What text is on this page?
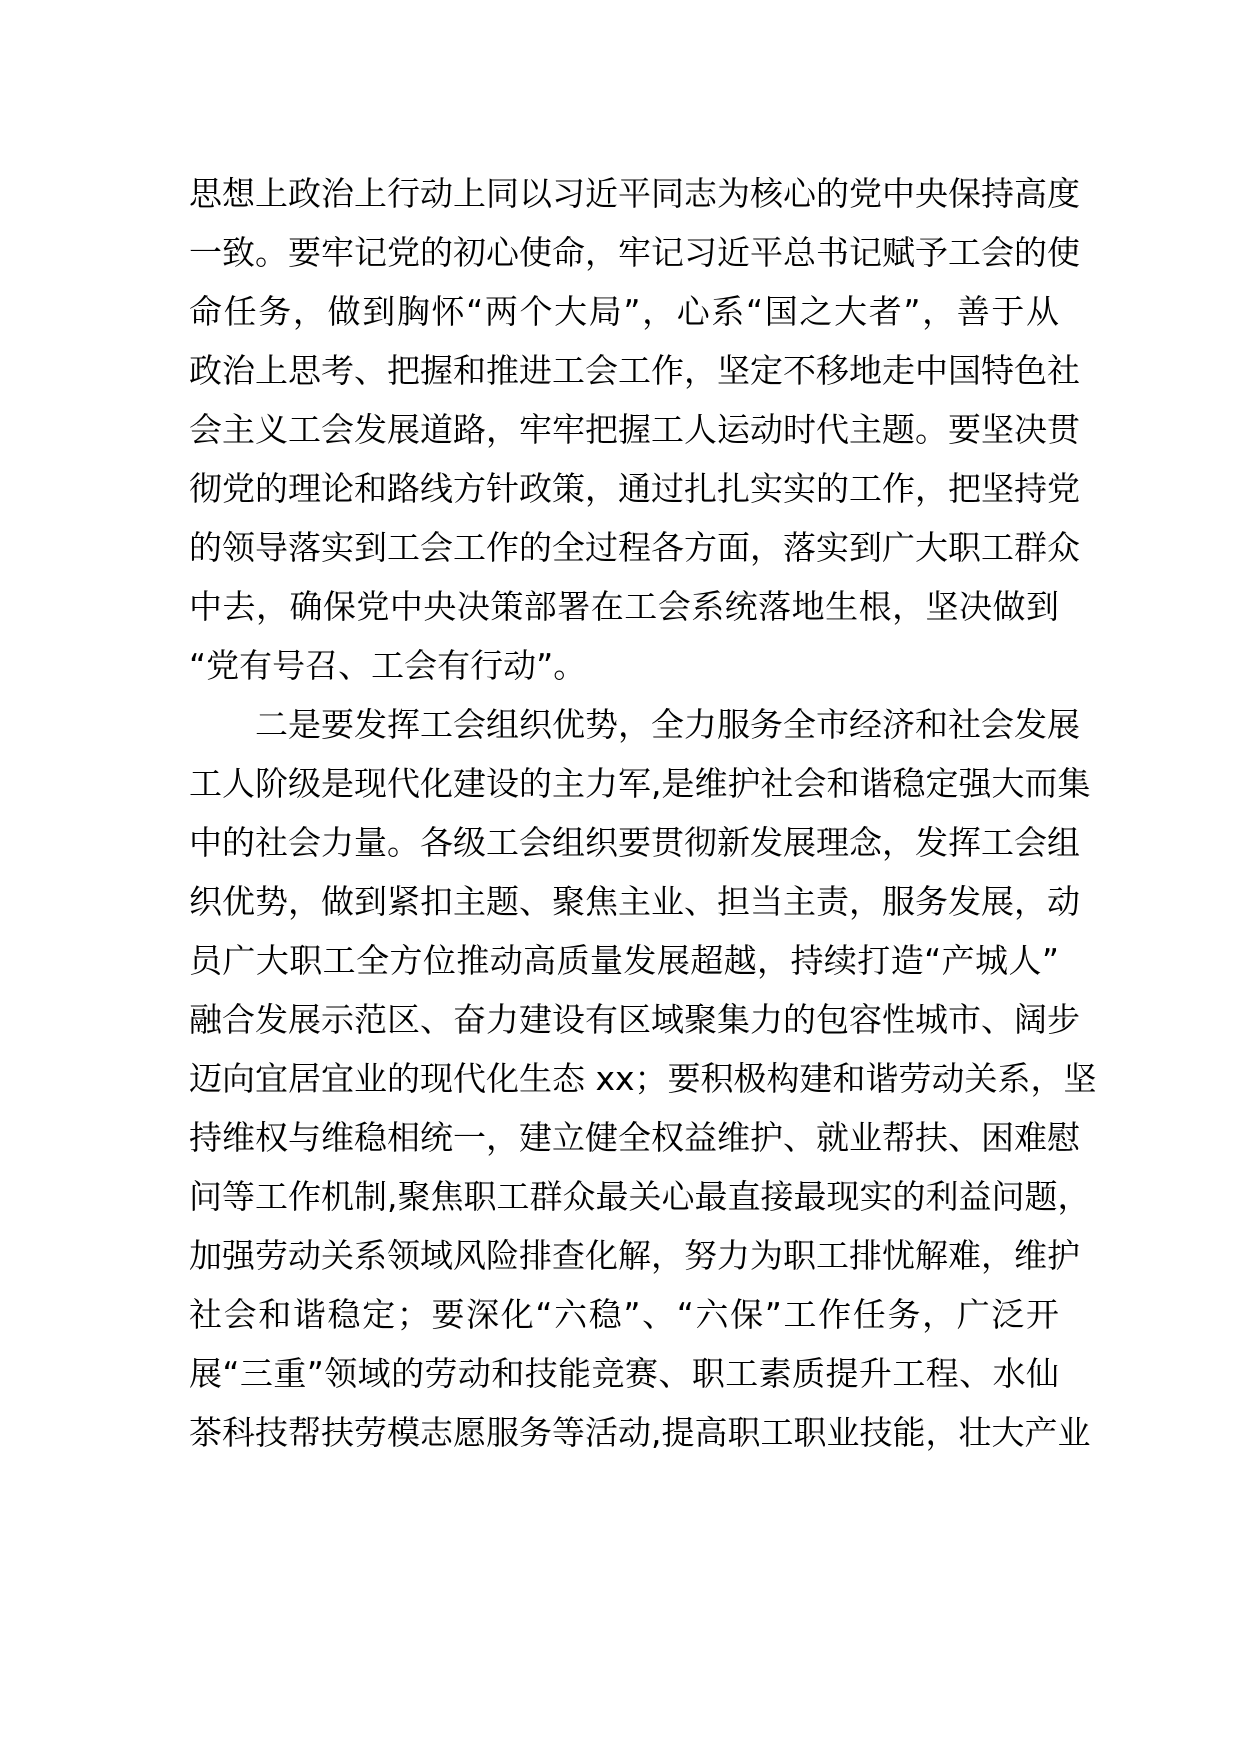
思想上政治上行动上同以习近平同志为核心的党中央保持高度
一致。要牢记党的初心使命，牢记习近平总书记赋予工会的使
命任务，做到胸怀“两个大局”，心系“国之大者”，善于从
政治上思考、把握和推进工会工作，坚定不移地走中国特色社
会主义工会发展道路，牢牢把握工人运动时代主题。要坚决贯
彻党的理论和路线方针政策，通过扎扎实实的工作，把坚持党
的领导落实到工会工作的全过程各方面，落实到广大职工群众
中去，确保党中央决策部署在工会系统落地生根，坚决做到
“党有号召、工会有行动”。
二是要发挥工会组织优势，全力服务全市经济和社会发展
工人阶级是现代化建设的主力军,是维护社会和谐稳定强大而集
中的社会力量。各级工会组织要贯彻新发展理念，发挥工会组
织优势，做到紧扣主题、聚焦主业、担当主责，服务发展，动
员广大职工全方位推动高质量发展超越，持续打造“产城人”
融合发展示范区、奋力建设有区域聚集力的包容性城市、阔步
迈向宜居宜业的现代化生态 xx；要积极构建和谐劳动关系，坚
持维权与维稳相统一，建立健全权益维护、就业帮扶、困难慰
问等工作机制,聚焦职工群众最关心最直接最现实的利益问题，
加强劳动关系领域风险排查化解，努力为职工排忧解难，维护
社会和谐稳定；要深化“六稳”、“六保”工作任务，广泛开
展“三重”领域的劳动和技能竞赛、职工素质提升工程、水仙
茶科技帮扶劳模志愿服务等活动,提高职工职业技能，壮大产业
